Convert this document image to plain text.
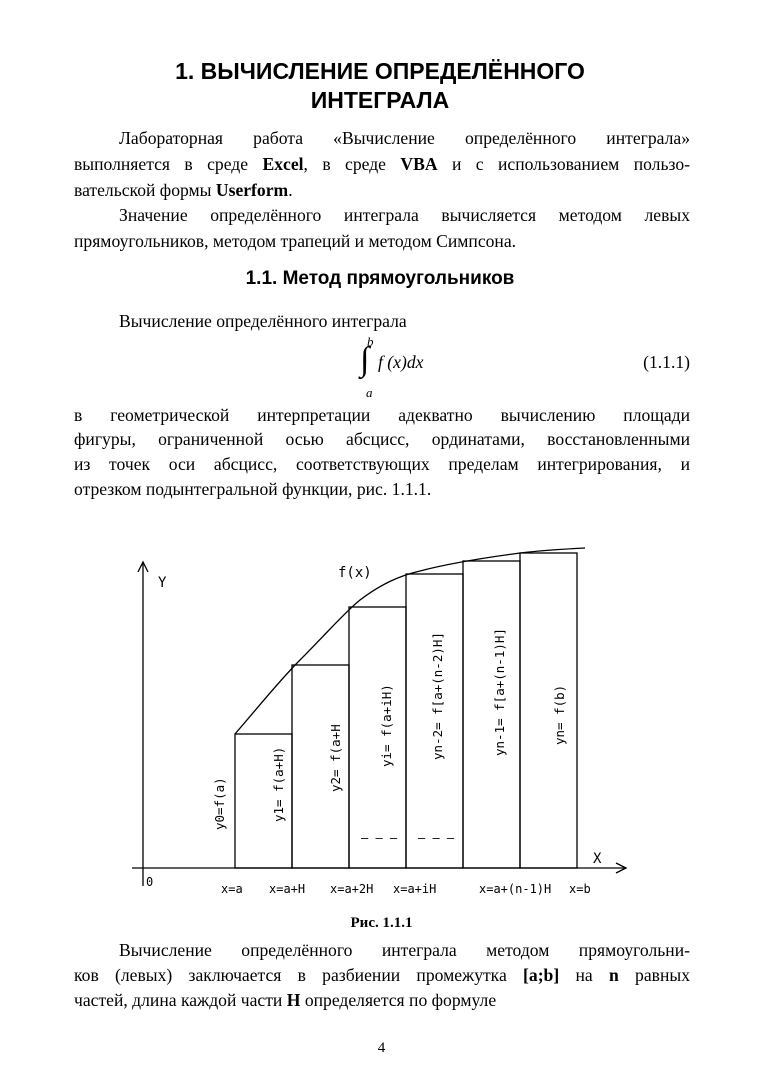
1. ВЫЧИСЛЕНИЕ ОПРЕДЕЛЁННОГО
ИНТЕГРАЛА
Лабораторная работа «Вычисление определённого интеграла»
выполняется в среде Excel, в среде VBA и с использованием пользо-
вательской формы Userform.
Значение определённого интеграла вычисляется методом левых
прямоугольников, методом трапеций и методом Симпсона.
1.1. Метод прямоугольников
Вычисление определённого интеграла
b
∫ f (x)dx
a
(1.1.1)
в геометрической интерпретации адекватно вычислению площади
фигуры, ограниченной осью абсцисс, ординатами, восстановленными
из точек оси абсцисс, соответствующих пределам интегрирования, и
отрезком подынтегральной функции, рис. 1.1.1.
Y
X
0
f(x)
y0=f(a)	y1= f(a+H)	y2= f(a+H	yi= f(a+iH)	yn-2= f[a+(n-2)H]	yn-1= f[a+(n-1)H]	yn= f(b)
– – – – – –
x=a x=a+H x=a+2H x=a+iH	x=a+(n-1)H x=b
Рис. 1.1.1
Вычисление определённого интеграла методом прямоугольни-
ков (левых) заключается в разбиении промежутка [a;b] на n равных
частей, длина каждой части H определяется по формуле
4
